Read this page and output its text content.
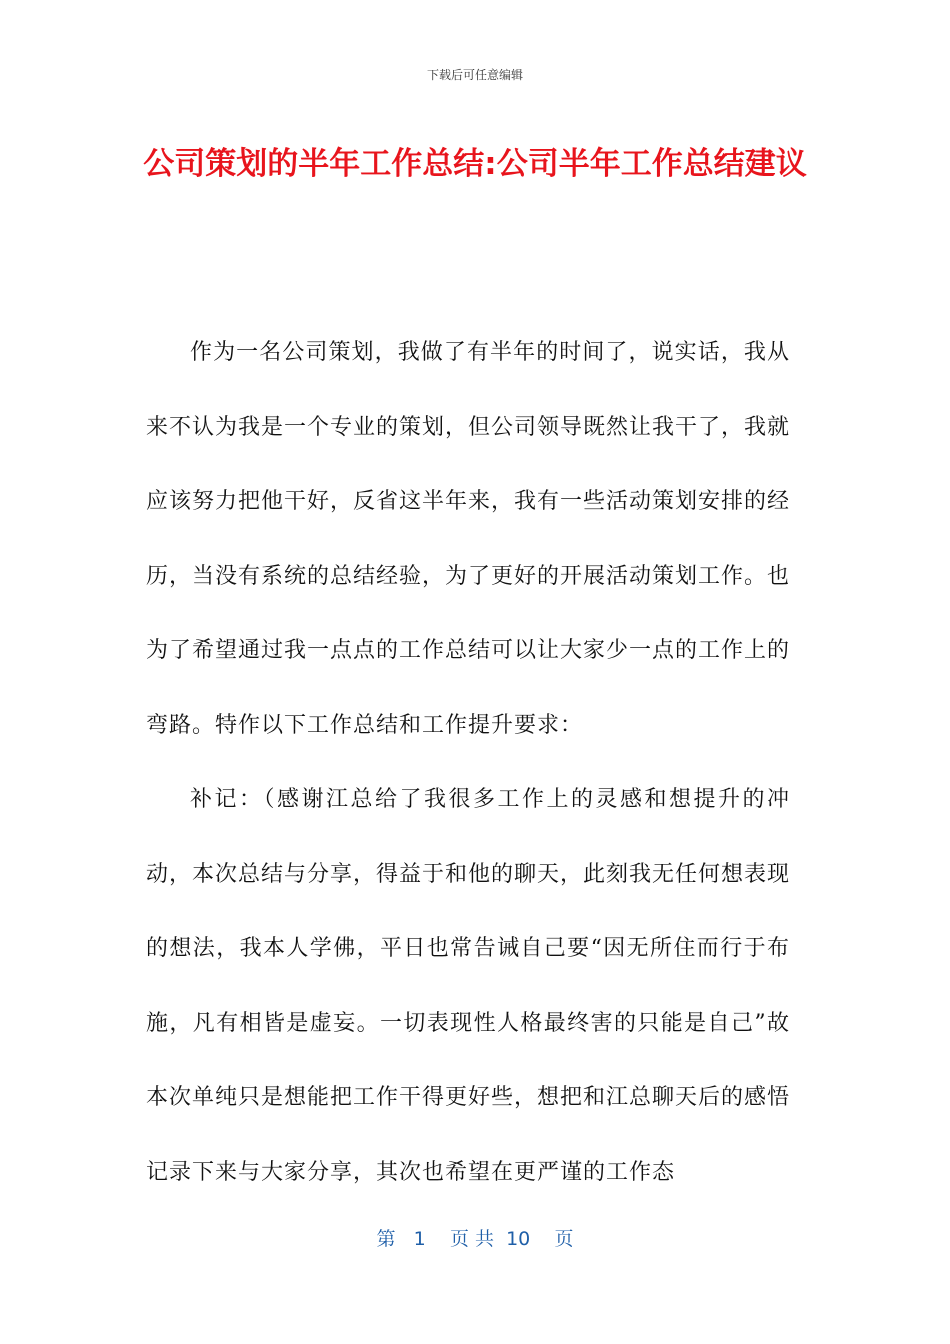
下载后可任意编辑
公司策划的半年工作总结:公司半年工作总结建议

作为一名公司策划，我做了有半年的时间了，说实话，我从来不认为我是一个专业的策划，但公司领导既然让我干了，我就应该努力把他干好，反省这半年来，我有一些活动策划安排的经历，当没有系统的总结经验，为了更好的开展活动策划工作。也为了希望通过我一点点的工作总结可以让大家少一点的工作上的弯路。特作以下工作总结和工作提升要求：

补记：（感谢江总给了我很多工作上的灵感和想提升的冲动，本次总结与分享，得益于和他的聊天，此刻我无任何想表现的想法，我本人学佛，平日也常告诫自己要“因无所住而行于布施，凡有相皆是虚妄。一切表现性人格最终害的只能是自己”故本次单纯只是想能把工作干得更好些，想把和江总聊天后的感悟记录下来与大家分享，其次也希望在更严谨的工作态

第 1 页 共 10 页
